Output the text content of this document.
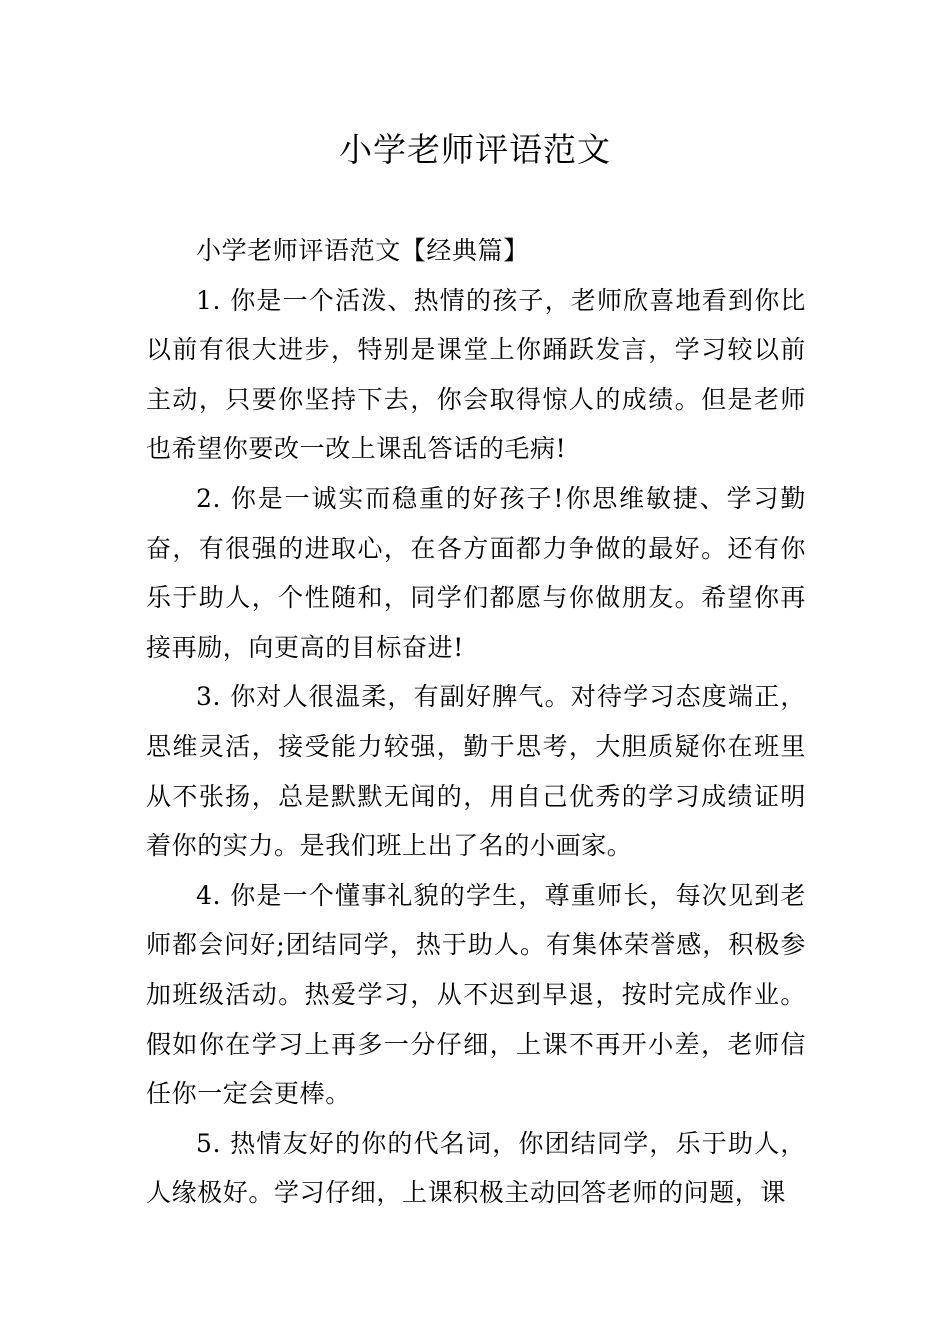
小学老师评语范文

小学老师评语范文【经典篇】

1. 你是一个活泼、热情的孩子，老师欣喜地看到你比以前有很大进步，特别是课堂上你踊跃发言，学习较以前主动，只要你坚持下去，你会取得惊人的成绩。但是老师也希望你要改一改上课乱答话的毛病!

2. 你是一诚实而稳重的好孩子!你思维敏捷、学习勤奋，有很强的进取心，在各方面都力争做的最好。还有你乐于助人，个性随和，同学们都愿与你做朋友。希望你再接再励，向更高的目标奋进!

3. 你对人很温柔，有副好脾气。对待学习态度端正，思维灵活，接受能力较强，勤于思考，大胆质疑你在班里从不张扬，总是默默无闻的，用自己优秀的学习成绩证明着你的实力。是我们班上出了名的小画家。

4. 你是一个懂事礼貌的学生，尊重师长，每次见到老师都会问好;团结同学，热于助人。有集体荣誉感，积极参加班级活动。热爱学习，从不迟到早退，按时完成作业。假如你在学习上再多一分仔细，上课不再开小差，老师信任你一定会更棒。

5. 热情友好的你的代名词，你团结同学，乐于助人，人缘极好。学习仔细，上课积极主动回答老师的问题，课
